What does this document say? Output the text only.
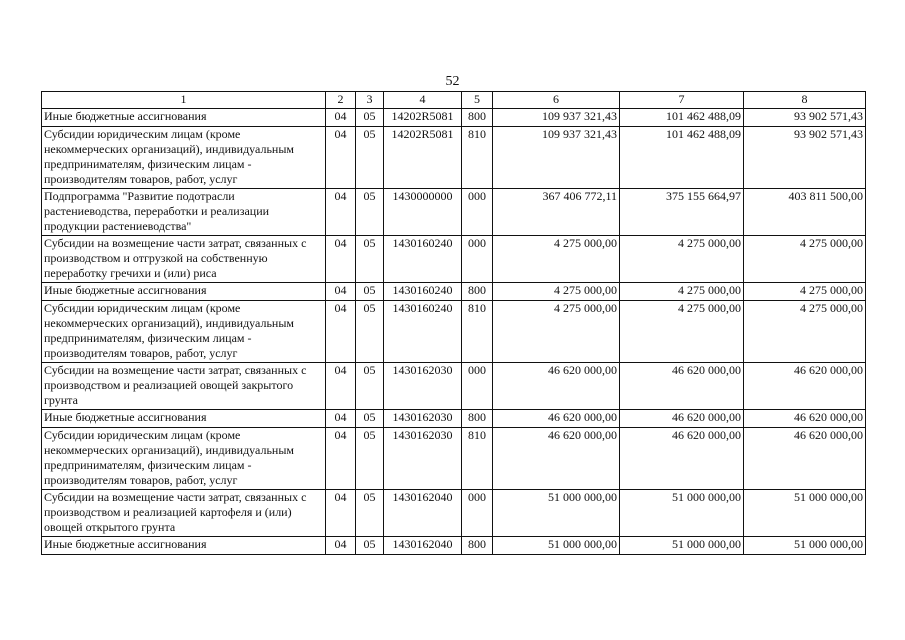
52
1	2	3	4	5	6	7	8
Иные бюджетные ассигнования	04	05	14202R5081	800	109 937 321,43	101 462 488,09	93 902 571,43
Субсидии юридическим лицам (кроме некоммерческих организаций), индивидуальным предпринимателям, физическим лицам - производителям товаров, работ, услуг	04	05	14202R5081	810	109 937 321,43	101 462 488,09	93 902 571,43
Подпрограмма "Развитие подотрасли растениеводства, переработки и реализации продукции растениеводства"	04	05	1430000000	000	367 406 772,11	375 155 664,97	403 811 500,00
Субсидии на возмещение части затрат, связанных с производством и отгрузкой на собственную переработку гречихи и (или) риса	04	05	1430160240	000	4 275 000,00	4 275 000,00	4 275 000,00
Иные бюджетные ассигнования	04	05	1430160240	800	4 275 000,00	4 275 000,00	4 275 000,00
Субсидии юридическим лицам (кроме некоммерческих организаций), индивидуальным предпринимателям, физическим лицам - производителям товаров, работ, услуг	04	05	1430160240	810	4 275 000,00	4 275 000,00	4 275 000,00
Субсидии на возмещение части затрат, связанных с производством и реализацией овощей закрытого грунта	04	05	1430162030	000	46 620 000,00	46 620 000,00	46 620 000,00
Иные бюджетные ассигнования	04	05	1430162030	800	46 620 000,00	46 620 000,00	46 620 000,00
Субсидии юридическим лицам (кроме некоммерческих организаций), индивидуальным предпринимателям, физическим лицам - производителям товаров, работ, услуг	04	05	1430162030	810	46 620 000,00	46 620 000,00	46 620 000,00
Субсидии на возмещение части затрат, связанных с производством и реализацией картофеля и (или) овощей открытого грунта	04	05	1430162040	000	51 000 000,00	51 000 000,00	51 000 000,00
Иные бюджетные ассигнования	04	05	1430162040	800	51 000 000,00	51 000 000,00	51 000 000,00
